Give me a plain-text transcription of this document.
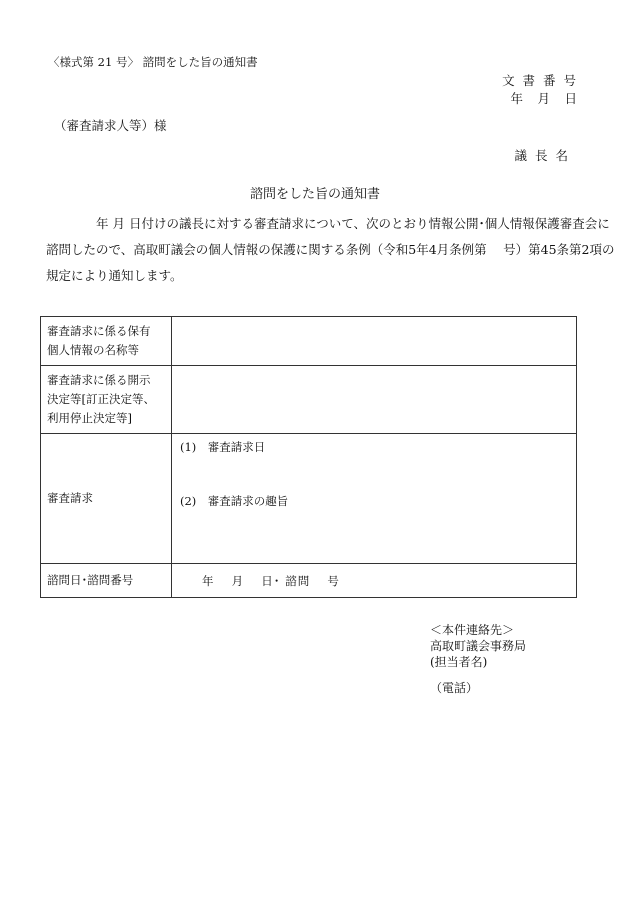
〈様式第 21 号〉 諮問をした旨の通知書
文 書 番 号
年　月　日
（審査請求人等）様
議 長 名
諮問をした旨の通知書
年 月 日付けの議長に対する審査請求について、次のとおり情報公開･個人情報保護審査会に
諮問したので、高取町議会の個人情報の保護に関する条例（令和5年4月条例第　 号）第45条第2項の
規定により通知します。
審査請求に係る保有
個人情報の名称等	

審査請求に係る開示
決定等[訂正決定等、
利用停止決定等]	

審査請求	(1)　審査請求日
(2)　審査請求の趣旨

諮問日･諮問番号	年　 月　 日･ 諮問　 号
＜本件連絡先＞
高取町議会事務局
(担当者名)
（電話）
